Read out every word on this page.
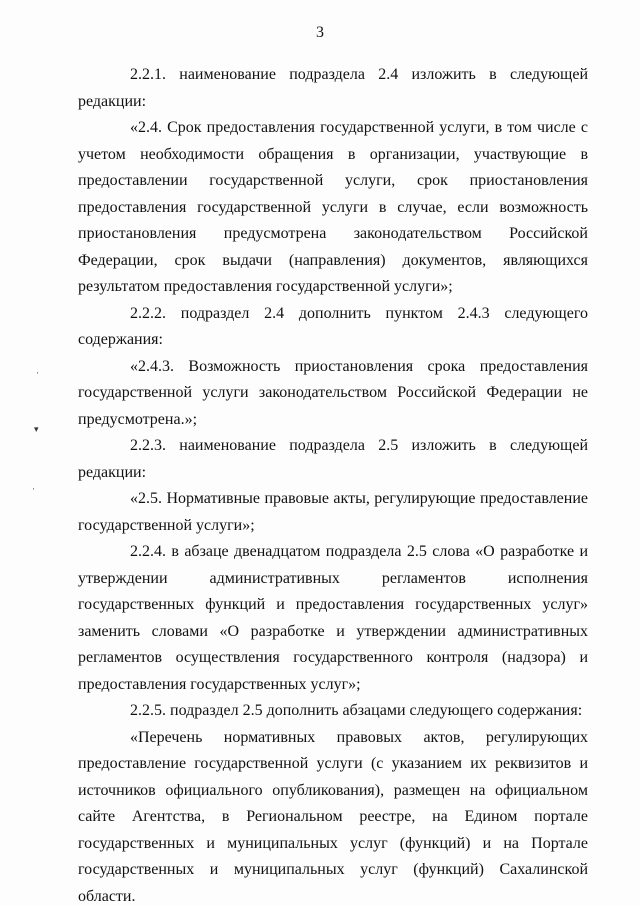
3

2.2.1. наименование подраздела 2.4 изложить в следующей редакции:

«2.4. Срок предоставления государственной услуги, в том числе с учетом необходимости обращения в организации, участвующие в предоставлении государственной услуги, срок приостановления предоставления государственной услуги в случае, если возможность приостановления предусмотрена законодательством Российской Федерации, срок выдачи (направления) документов, являющихся результатом предоставления государственной услуги»;

2.2.2. подраздел 2.4 дополнить пунктом 2.4.3 следующего содержания:

«2.4.3. Возможность приостановления срока предоставления государственной услуги законодательством Российской Федерации не предусмотрена.»;

2.2.3. наименование подраздела 2.5 изложить в следующей редакции:

«2.5. Нормативные правовые акты, регулирующие предоставление государственной услуги»;

2.2.4. в абзаце двенадцатом подраздела 2.5 слова «О разработке и утверждении административных регламентов исполнения государственных функций и предоставления государственных услуг» заменить словами «О разработке и утверждении административных регламентов осуществления государственного контроля (надзора) и предоставления государственных услуг»;

2.2.5. подраздел 2.5 дополнить абзацами следующего содержания:

«Перечень нормативных правовых актов, регулирующих предоставление государственной услуги (с указанием их реквизитов и источников официального опубликования), размещен на официальном сайте Агентства, в Региональном реестре, на Едином портале государственных и муниципальных услуг (функций) и на Портале государственных и муниципальных услуг (функций) Сахалинской области.

·
▾
·
